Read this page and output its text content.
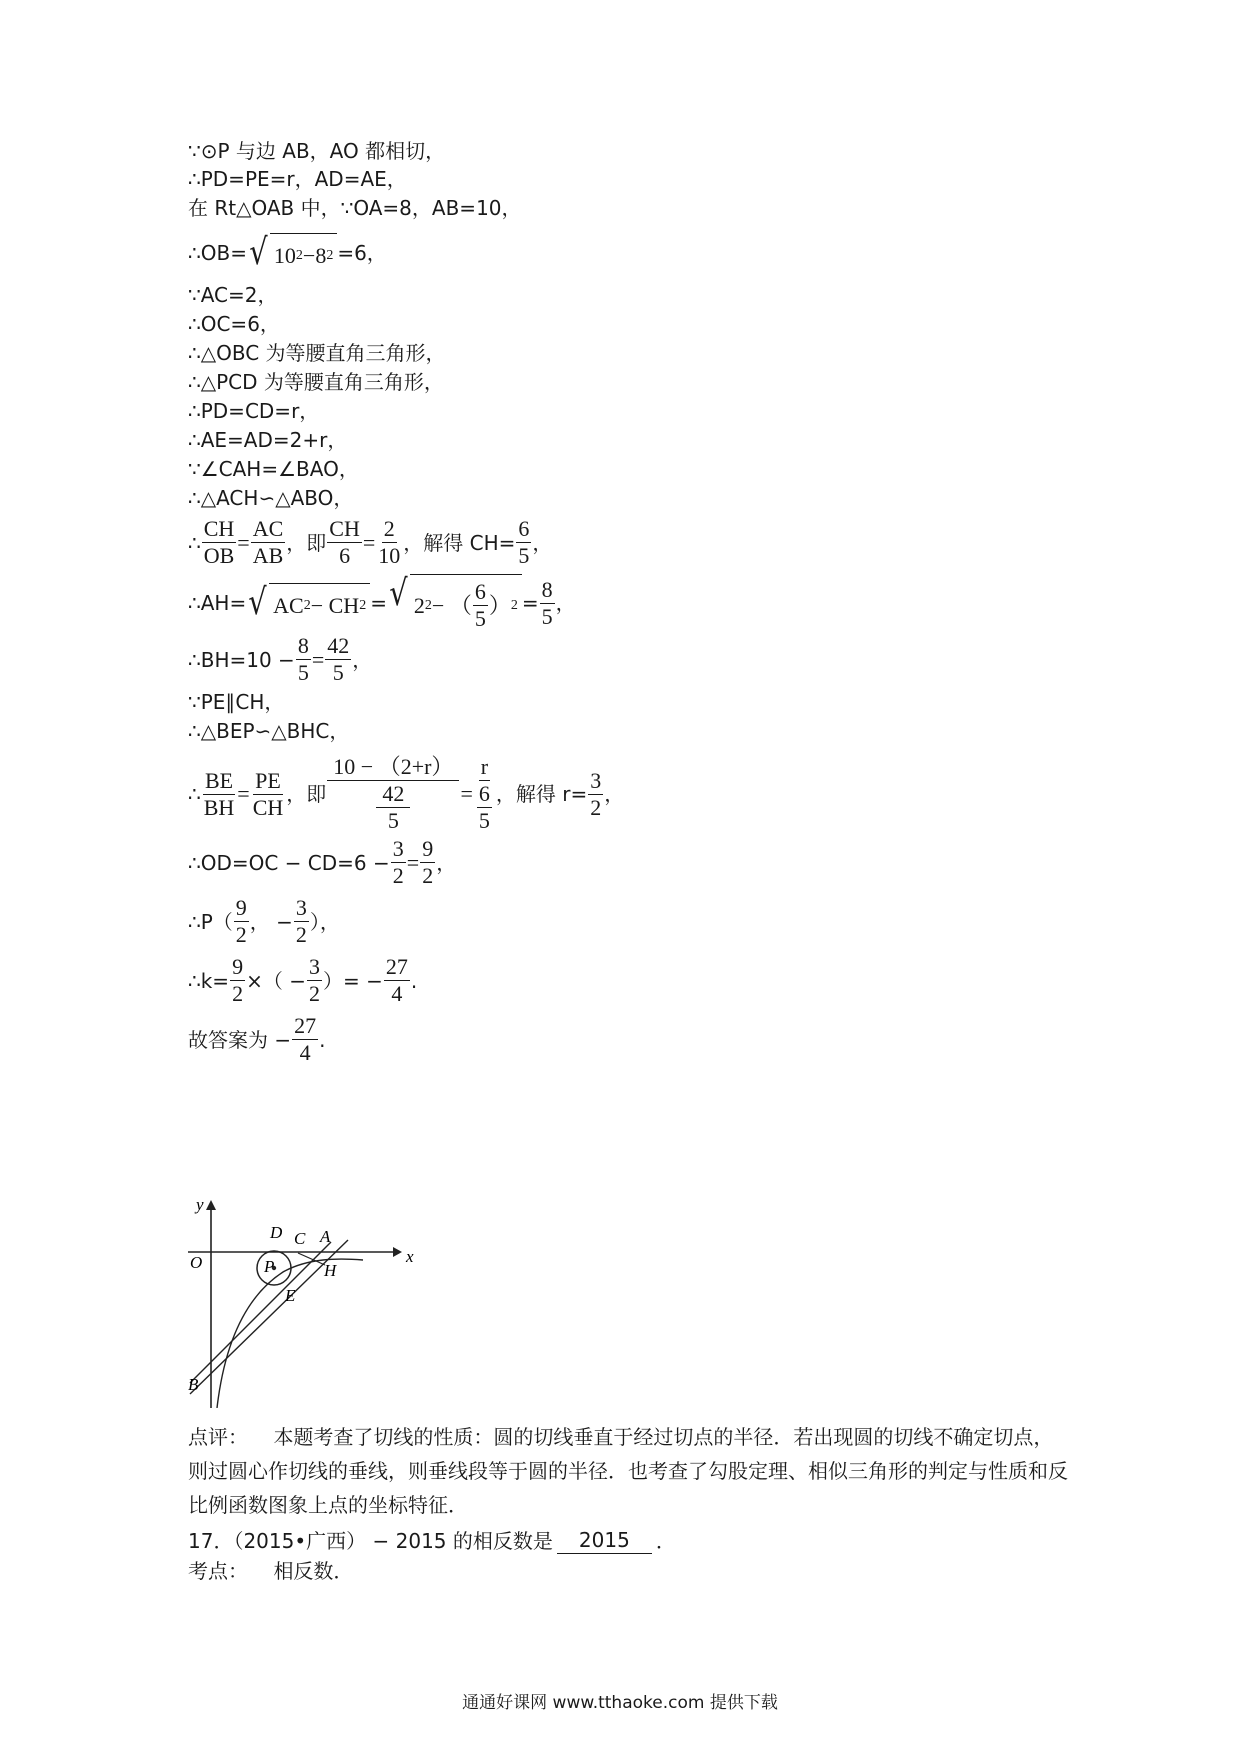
∵⊙P 与边 AB，AO 都相切，
∴PD=PE=r，AD=AE，
在 Rt△OAB 中，∵OA=8，AB=10，
∴OB= √ 10 2 − 8 2 =6，
∵AC=2，
∴OC=6，
∴△OBC 为等腰直角三角形，
∴△PCD 为等腰直角三角形，
∴PD=CD=r，
∴AE=AD=2+r，
∵∠CAH=∠BAO，
∴△ACH∽△ABO，
∴ $\frac{CH}{OB} = \frac{AC}{AB}$ ，即 $\frac{CH}{6} = \frac{2}{10}$ ，解得 $CH= \frac{6}{5}$ ，
∴AH= √ AC 2 − CH 2 = √ 2 2 − （ $\frac{6}{5}$ ） $2 = \frac{8}{5}$ ，
∴BH=10 − $\frac{8}{5} = \frac{42}{5}$ ，
∵PE∥CH，
∴△BEP∽△BHC，
∴ $\frac{BE}{BH} = \frac{PE}{CH}$ ，即 $\frac{10 - (2+r)}{\frac{42}{5}} = \frac{r}{\frac{6}{5}}$ ，解得 $r= \frac{3}{2}$ ，
∴OD=OC − $CD=6 - \frac{3}{2} = \frac{9}{2}$ ，
∴P（ $\frac{9}{2}$ ， − $\frac{3}{2}$ ），
∴k= $\frac{9}{2}$ ×（ − $\frac{3}{2}$ ）= − $\frac{27}{4}$ .
故答案为 − $\frac{27}{4}$ .
y
x
O
D C A
P	H
E
B
点评： 本题考查了切线的性质：圆的切线垂直于经过切点的半径．若出现圆的切线不确定切点，则过圆心作切线的垂线，则垂线段等于圆的半径．也考查了勾股定理、相似三角形的判定与性质和反比例函数图象上点的坐标特征．
17．（2015•广西） − 2015 的相反数是	2015	．
考点：
相反数．
通通好课网 www.tthaoke.com 提供下载
